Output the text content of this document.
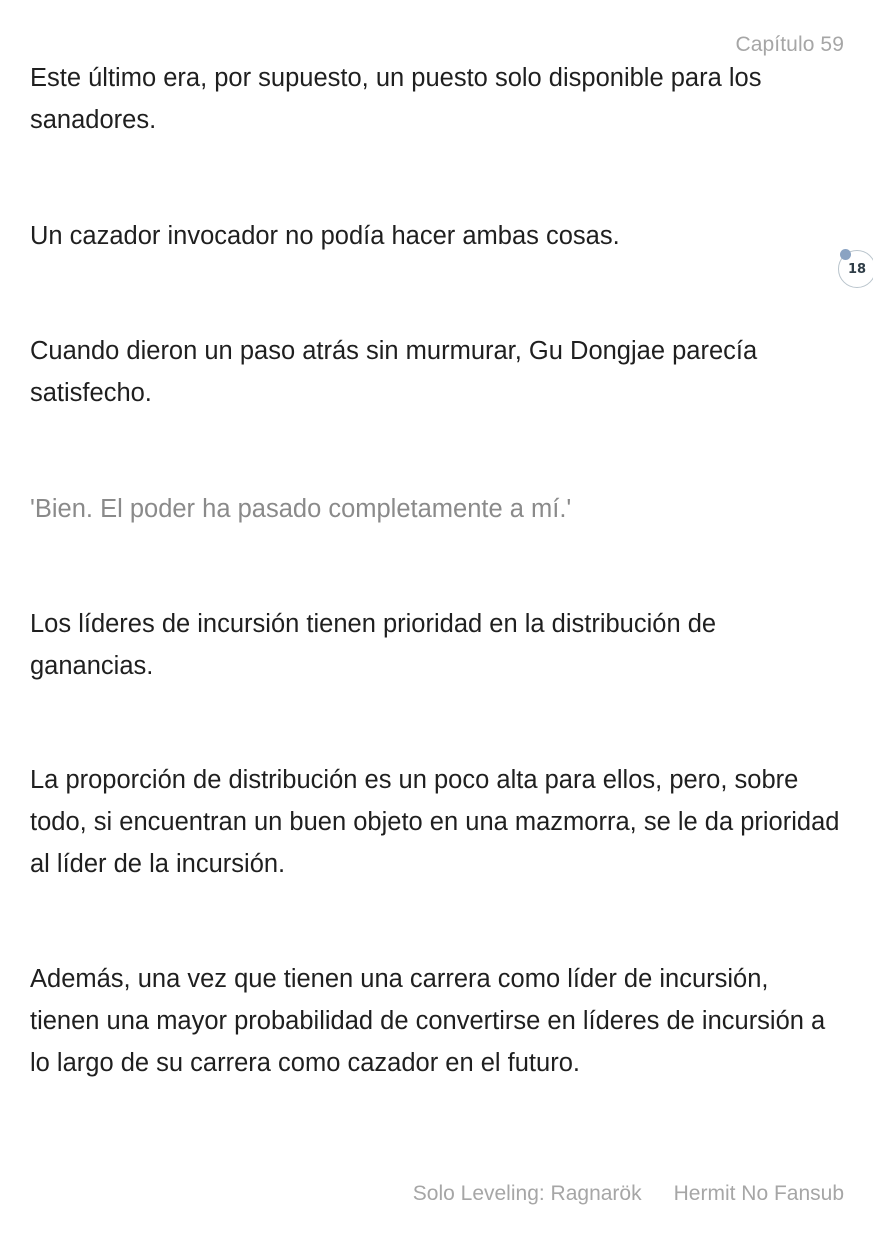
Capítulo 59
18

Este último era, por supuesto, un puesto solo disponible para los sanadores.

Un cazador invocador no podía hacer ambas cosas.

Cuando dieron un paso atrás sin murmurar, Gu Dongjae parecía satisfecho.

'Bien. El poder ha pasado completamente a mí.'

Los líderes de incursión tienen prioridad en la distribución de ganancias.

La proporción de distribución es un poco alta para ellos, pero, sobre todo, si encuentran un buen objeto en una mazmorra, se le da prioridad al líder de la incursión.

Además, una vez que tienen una carrera como líder de incursión, tienen una mayor probabilidad de convertirse en líderes de incursión a lo largo de su carrera como cazador en el futuro.

Solo Leveling: Ragnarök Hermit No Fansub
